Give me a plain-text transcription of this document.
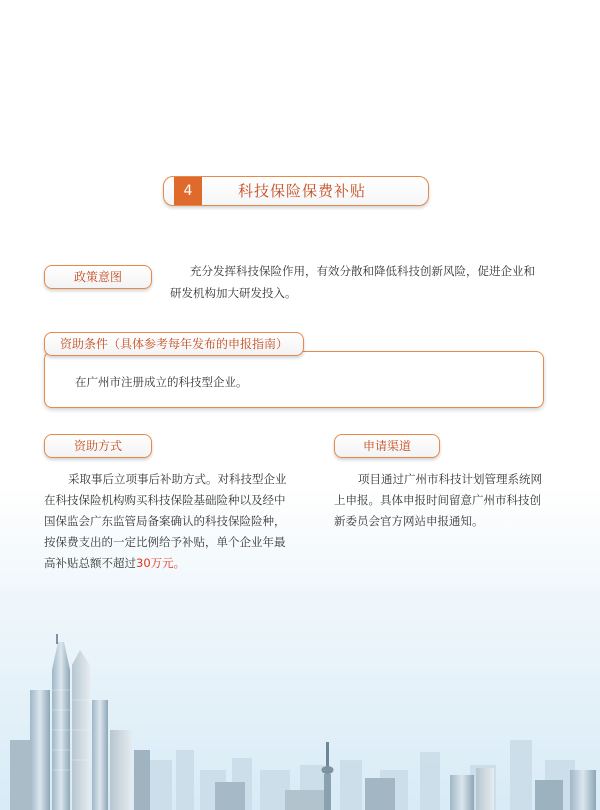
4	科技保险保费补贴
政策意图	充分发挥科技保险作用，有效分散和降低科技创新风险，促进企业和
研发机构加大研发投入。
在广州市注册成立的科技型企业。
资助条件（具体参考每年发布的申报指南）
资助方式
采取事后立项事后补助方式。对科技型企业
在科技保险机构购买科技保险基础险种以及经中
国保监会广东监管局备案确认的科技保险险种，
按保费支出的一定比例给予补贴，单个企业年最
高补贴总额不超过30万元。
申请渠道
项目通过广州市科技计划管理系统网
上申报。具体申报时间留意广州市科技创
新委员会官方网站申报通知。
